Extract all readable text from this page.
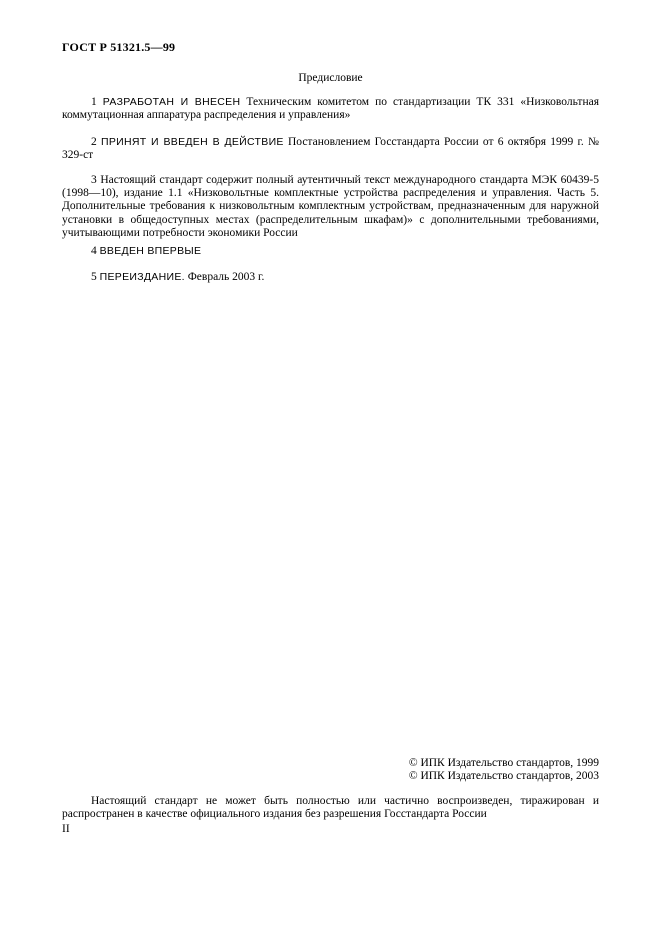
ГОСТ Р 51321.5—99

Предисловие

1 РАЗРАБОТАН И ВНЕСЕН Техническим комитетом по стандартизации ТК 331 «Низковольтная коммутационная аппаратура распределения и управления»

2 ПРИНЯТ И ВВЕДЕН В ДЕЙСТВИЕ Постановлением Госстандарта России от 6 октября 1999 г. № 329-ст

3 Настоящий стандарт содержит полный аутентичный текст международного стандарта МЭК 60439-5 (1998—10), издание 1.1 «Низковольтные комплектные устройства распределения и управления. Часть 5. Дополнительные требования к низковольтным комплектным устройствам, предназначенным для наружной установки в общедоступных местах (распределительным шкафам)» с дополнительными требованиями, учитывающими потребности экономики России

4 ВВЕДЕН ВПЕРВЫЕ

5 ПЕРЕИЗДАНИЕ. Февраль 2003 г.

© ИПК Издательство стандартов, 1999
© ИПК Издательство стандартов, 2003

Настоящий стандарт не может быть полностью или частично воспроизведен, тиражирован и распространен в качестве официального издания без разрешения Госстандарта России

II
